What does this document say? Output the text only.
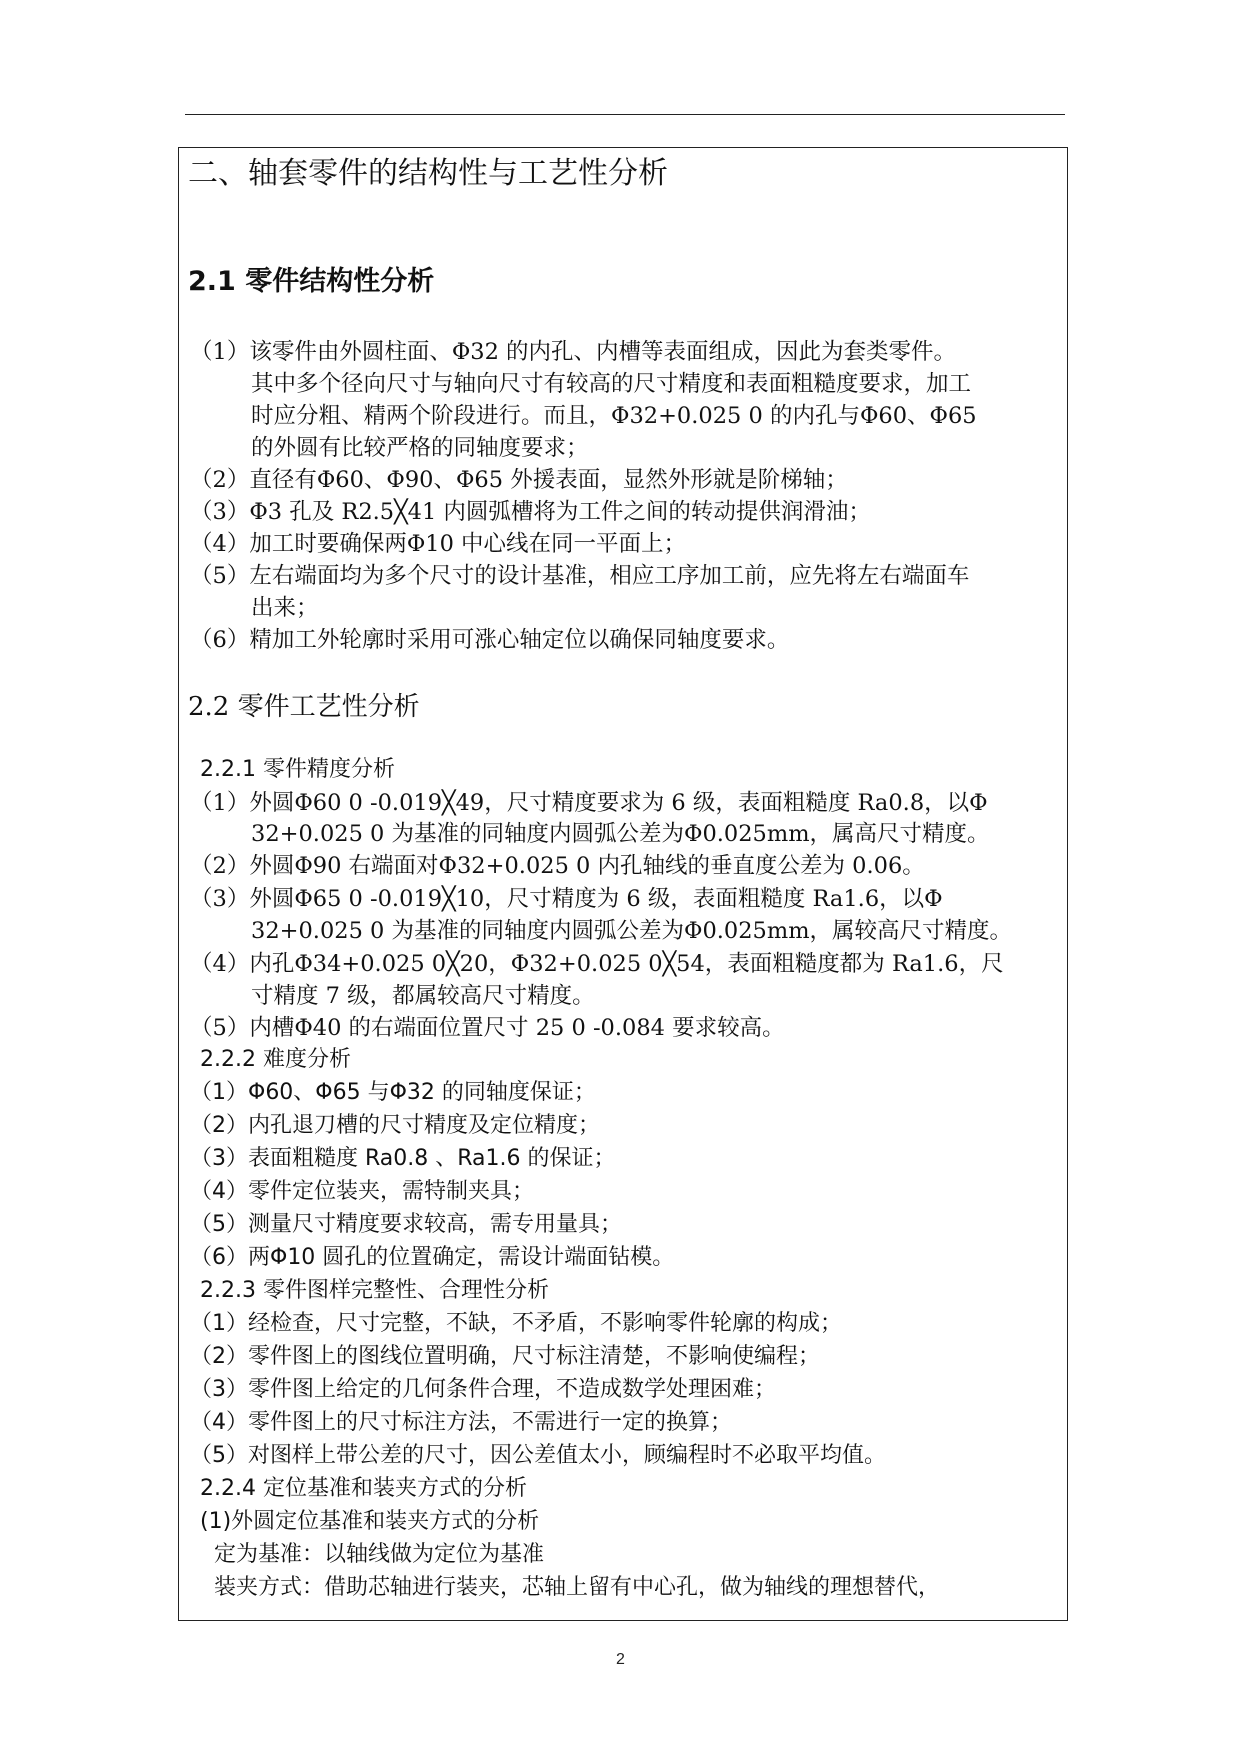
二、轴套零件的结构性与工艺性分析
2.1 零件结构性分析
（1）该零件由外圆柱面、Φ32 的内孔、内槽等表面组成，因此为套类零件。
其中多个径向尺寸与轴向尺寸有较高的尺寸精度和表面粗糙度要求，加工
时应分粗、精两个阶段进行。而且，Φ32+0.025 0 的内孔与Φ60、Φ65
的外圆有比较严格的同轴度要求；
（2）直径有Φ60、Φ90、Φ65 外援表面，显然外形就是阶梯轴；
（3）Φ3 孔及 R2.5╳41 内圆弧槽将为工件之间的转动提供润滑油；
（4）加工时要确保两Φ10 中心线在同一平面上；
（5）左右端面均为多个尺寸的设计基准，相应工序加工前，应先将左右端面车
出来；
（6）精加工外轮廓时采用可涨心轴定位以确保同轴度要求。
2.2 零件工艺性分析
2.2.1 零件精度分析
（1）外圆Φ60 0 -0.019╳49，尺寸精度要求为 6 级，表面粗糙度 Ra0.8，以Φ
32+0.025 0 为基准的同轴度内圆弧公差为Φ0.025mm，属高尺寸精度。
（2）外圆Φ90 右端面对Φ32+0.025 0 内孔轴线的垂直度公差为 0.06。
（3）外圆Φ65 0 -0.019╳10，尺寸精度为 6 级，表面粗糙度 Ra1.6，以Φ
32+0.025 0 为基准的同轴度内圆弧公差为Φ0.025mm，属较高尺寸精度。
（4）内孔Φ34+0.025 0╳20，Φ32+0.025 0╳54，表面粗糙度都为 Ra1.6，尺
寸精度 7 级，都属较高尺寸精度。
（5）内槽Φ40 的右端面位置尺寸 25 0 -0.084 要求较高。
2.2.2 难度分析
（1）Φ60、Φ65 与Φ32 的同轴度保证；
（2）内孔退刀槽的尺寸精度及定位精度；
（3）表面粗糙度 Ra0.8 、Ra1.6 的保证；
（4）零件定位装夹，需特制夹具；
（5）测量尺寸精度要求较高，需专用量具；
（6）两Φ10 圆孔的位置确定，需设计端面钻模。
2.2.3 零件图样完整性、合理性分析
（1）经检查，尺寸完整，不缺，不矛盾，不影响零件轮廓的构成；
（2）零件图上的图线位置明确，尺寸标注清楚，不影响使编程；
（3）零件图上给定的几何条件合理，不造成数学处理困难；
（4）零件图上的尺寸标注方法，不需进行一定的换算；
（5）对图样上带公差的尺寸，因公差值太小，顾编程时不必取平均值。
2.2.4 定位基准和装夹方式的分析
(1)外圆定位基准和装夹方式的分析
定为基准：以轴线做为定位为基准
装夹方式：借助芯轴进行装夹，芯轴上留有中心孔，做为轴线的理想替代，
2
